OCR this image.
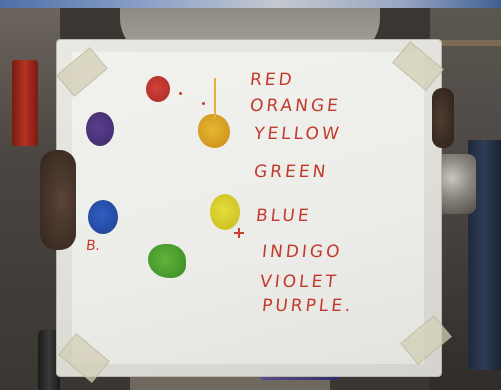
RED
ORANGE
YELLOW
GREEN
BLUE
INDIGO
VIOLET
PURPLE.
B.
